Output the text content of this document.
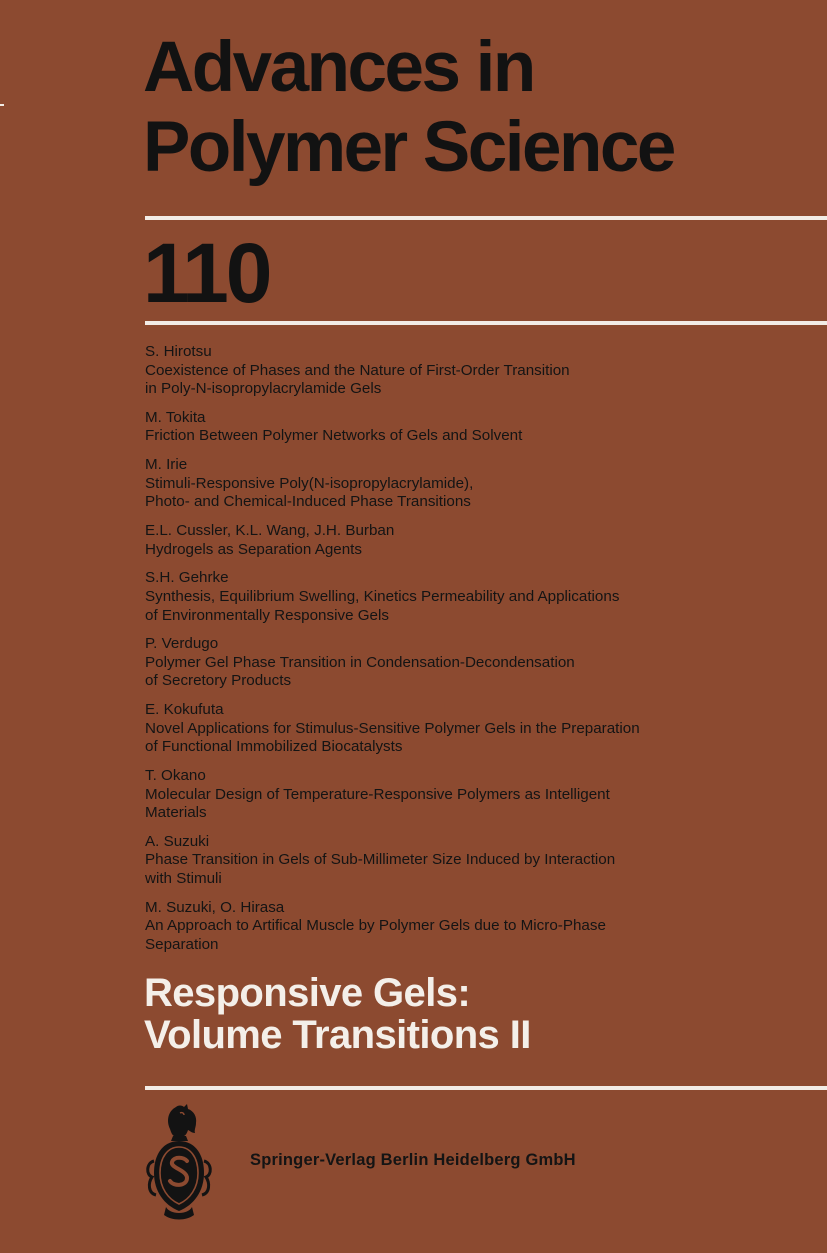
Advances in
Polymer Science
110
S. Hirotsu
Coexistence of Phases and the Nature of First-Order Transition
in Poly-N-isopropylacrylamide Gels
M. Tokita
Friction Between Polymer Networks of Gels and Solvent
M. Irie
Stimuli-Responsive Poly(N-isopropylacrylamide),
Photo- and Chemical-Induced Phase Transitions
E.L. Cussler, K.L. Wang, J.H. Burban
Hydrogels as Separation Agents
S.H. Gehrke
Synthesis, Equilibrium Swelling, Kinetics Permeability and Applications
of Environmentally Responsive Gels
P. Verdugo
Polymer Gel Phase Transition in Condensation-Decondensation
of Secretory Products
E. Kokufuta
Novel Applications for Stimulus-Sensitive Polymer Gels in the Preparation
of Functional Immobilized Biocatalysts
T. Okano
Molecular Design of Temperature-Responsive Polymers as Intelligent
Materials
A. Suzuki
Phase Transition in Gels of Sub-Millimeter Size Induced by Interaction
with Stimuli
M. Suzuki, O. Hirasa
An Approach to Artifical Muscle by Polymer Gels due to Micro-Phase
Separation
Responsive Gels:
Volume Transitions II
Springer-Verlag Berlin Heidelberg GmbH
